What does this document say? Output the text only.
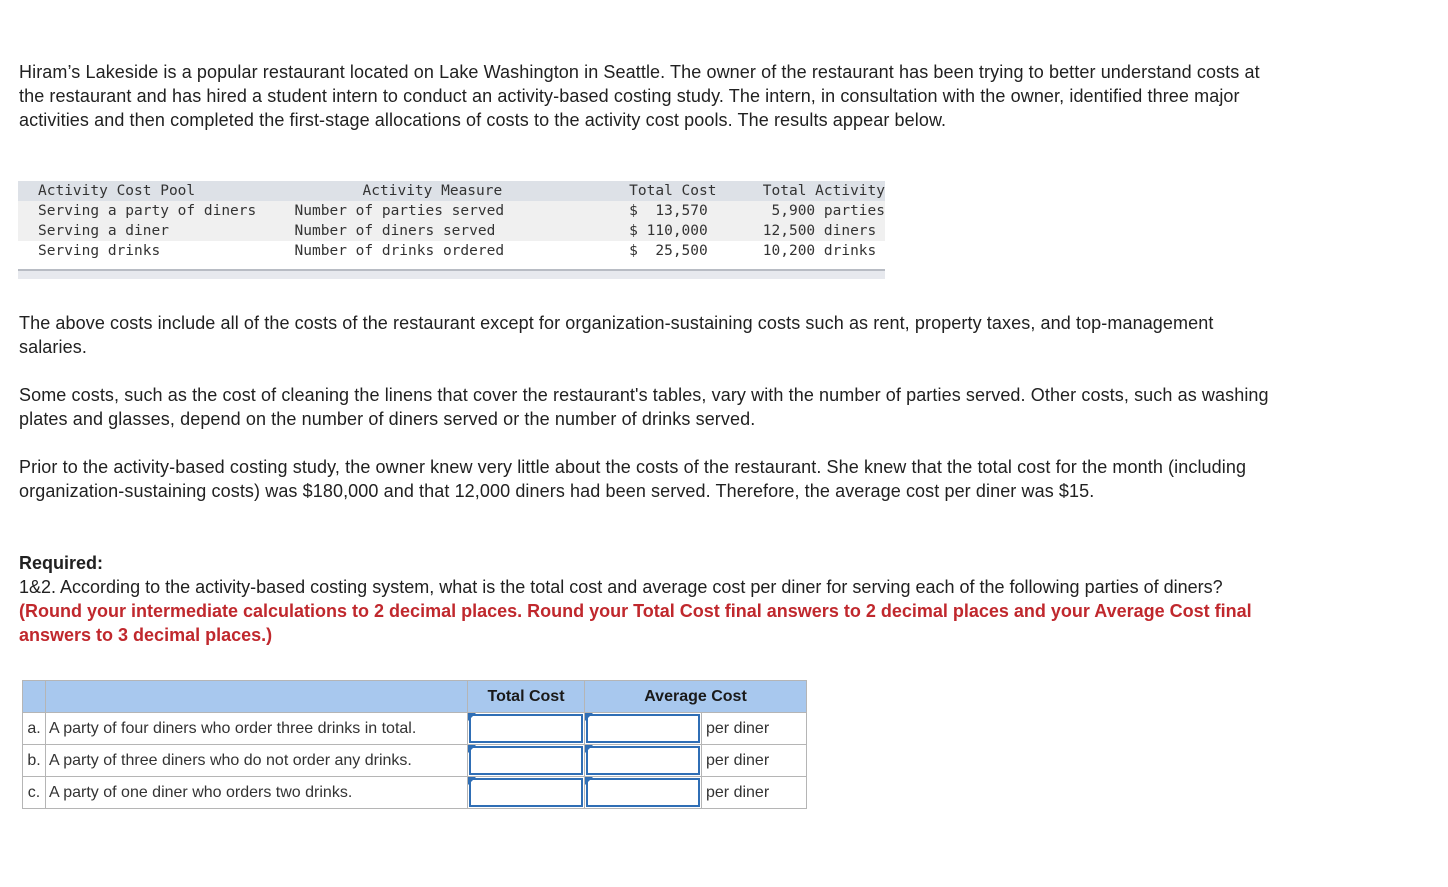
Hiram’s Lakeside is a popular restaurant located on Lake Washington in Seattle. The owner of the restaurant has been trying to better understand costs at the restaurant and has hired a student intern to conduct an activity-based costing study. The intern, in consultation with the owner, identified three major activities and then completed the first-stage allocations of costs to the activity cost pools. The results appear below.

The above costs include all of the costs of the restaurant except for organization-sustaining costs such as rent, property taxes, and top-management salaries.

Some costs, such as the cost of cleaning the linens that cover the restaurant's tables, vary with the number of parties served. Other costs, such as washing plates and glasses, depend on the number of diners served or the number of drinks served.

Prior to the activity-based costing study, the owner knew very little about the costs of the restaurant. She knew that the total cost for the month (including organization-sustaining costs) was $180,000 and that 12,000 diners had been served. Therefore, the average cost per diner was $15.

Required:

1&2. According to the activity-based costing system, what is the total cost and average cost per diner for serving each of the following parties of diners? (Round your intermediate calculations to 2 decimal places. Round your Total Cost final answers to 2 decimal places and your Average Cost final answers to 3 decimal places.)

Activity Cost Pool	Activity Measure	Total Cost	Total Activity
Serving a party of diners	Number of parties served	$  13,570	5,900 parties
Serving a diner	Number of diners served	$ 110,000	12,500 diners
Serving drinks	Number of drinks ordered	$  25,500	10,200 drinks
		Total Cost	Average Cost	
a.	A party of four diners who order three drinks in total.			per diner
b.	A party of three diners who do not order any drinks.			per diner
c.	A party of one diner who orders two drinks.			per diner
